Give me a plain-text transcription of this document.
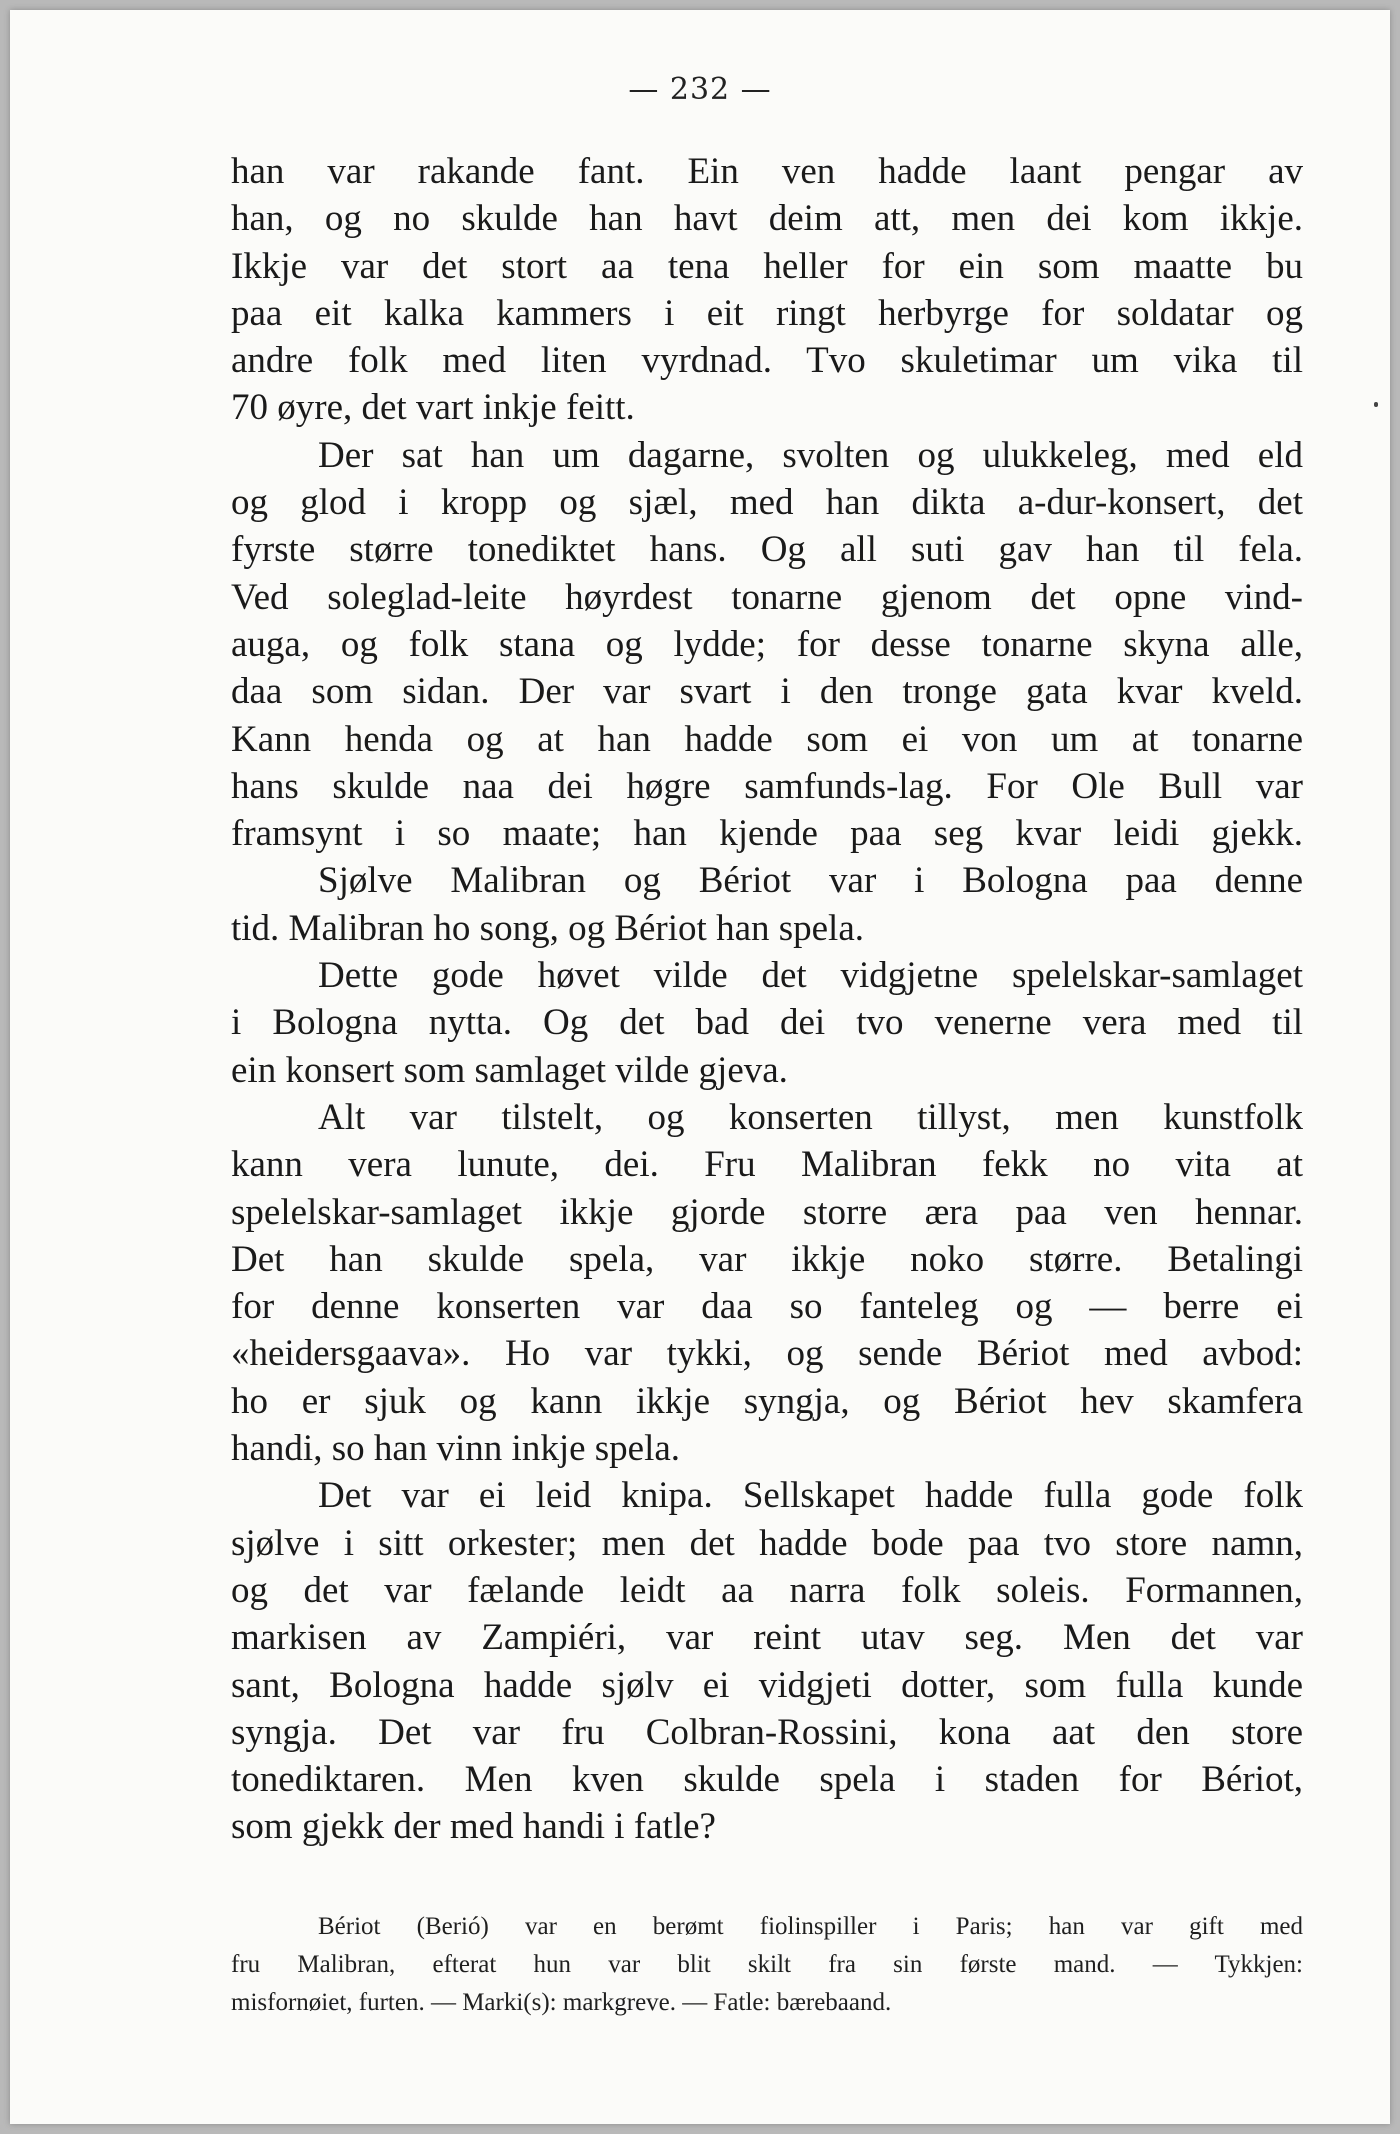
— 232 —
han var rakande fant. Ein ven hadde laant pengar av
han, og no skulde han havt deim att, men dei kom ikkje.
Ikkje var det stort aa tena heller for ein som maatte bu
paa eit kalka kammers i eit ringt herbyrge for soldatar og
andre folk med liten vyrdnad. Tvo skuletimar um vika til
70 øyre, det vart inkje feitt.
Der sat han um dagarne, svolten og ulukkeleg, med eld
og glod i kropp og sjæl, med han dikta a-dur-konsert, det
fyrste større tonediktet hans. Og all suti gav han til fela.
Ved soleglad-leite høyrdest tonarne gjenom det opne vind-
auga, og folk stana og lydde; for desse tonarne skyna alle,
daa som sidan. Der var svart i den tronge gata kvar kveld.
Kann henda og at han hadde som ei von um at tonarne
hans skulde naa dei høgre samfunds-lag. For Ole Bull var
framsynt i so maate; han kjende paa seg kvar leidi gjekk.
Sjølve Malibran og Bériot var i Bologna paa denne
tid. Malibran ho song, og Bériot han spela.
Dette gode høvet vilde det vidgjetne spelelskar-samlaget
i Bologna nytta. Og det bad dei tvo venerne vera med til
ein konsert som samlaget vilde gjeva.
Alt var tilstelt, og konserten tillyst, men kunstfolk
kann vera lunute, dei. Fru Malibran fekk no vita at
spelelskar-samlaget ikkje gjorde storre æra paa ven hennar.
Det han skulde spela, var ikkje noko større. Betalingi
for denne konserten var daa so fanteleg og — berre ei
«heidersgaava». Ho var tykki, og sende Bériot med avbod:
ho er sjuk og kann ikkje syngja, og Bériot hev skamfera
handi, so han vinn inkje spela.
Det var ei leid knipa. Sellskapet hadde fulla gode folk
sjølve i sitt orkester; men det hadde bode paa tvo store namn,
og det var fælande leidt aa narra folk soleis. Formannen,
markisen av Zampiéri, var reint utav seg. Men det var
sant, Bologna hadde sjølv ei vidgjeti dotter, som fulla kunde
syngja. Det var fru Colbran-Rossini, kona aat den store
tonediktaren. Men kven skulde spela i staden for Bériot,
som gjekk der med handi i fatle?
Bériot (Berió) var en berømt fiolinspiller i Paris; han var gift med
fru Malibran, efterat hun var blit skilt fra sin første mand. — Tykkjen:
misfornøiet, furten. — Marki(s): markgreve. — Fatle: bærebaand.
